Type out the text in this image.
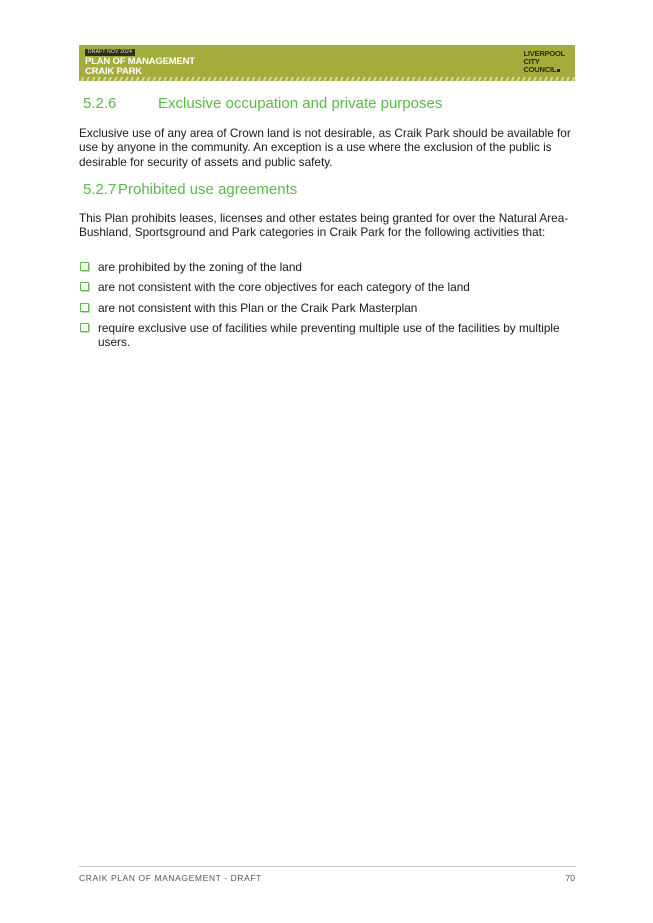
DRAFT NOV 2024
PLAN OF MANAGEMENT
CRAIK PARK
LIVERPOOL
CITY
COUNCIL
5.2.6	Exclusive occupation and private purposes

Exclusive use of any area of Crown land is not desirable, as Craik Park should be available for use by anyone in the community. An exception is a use where the exclusion of the public is desirable for security of assets and public safety.

5.2.7 Prohibited use agreements

This Plan prohibits leases, licenses and other estates being granted for over the Natural Area-Bushland, Sportsground and Park categories in Craik Park for the following activities that:

are prohibited by the zoning of the land
are not consistent with the core objectives for each category of the land
are not consistent with this Plan or the Craik Park Masterplan
require exclusive use of facilities while preventing multiple use of the facilities by multiple users.
CRAIK PLAN OF MANAGEMENT - DRAFT	70
